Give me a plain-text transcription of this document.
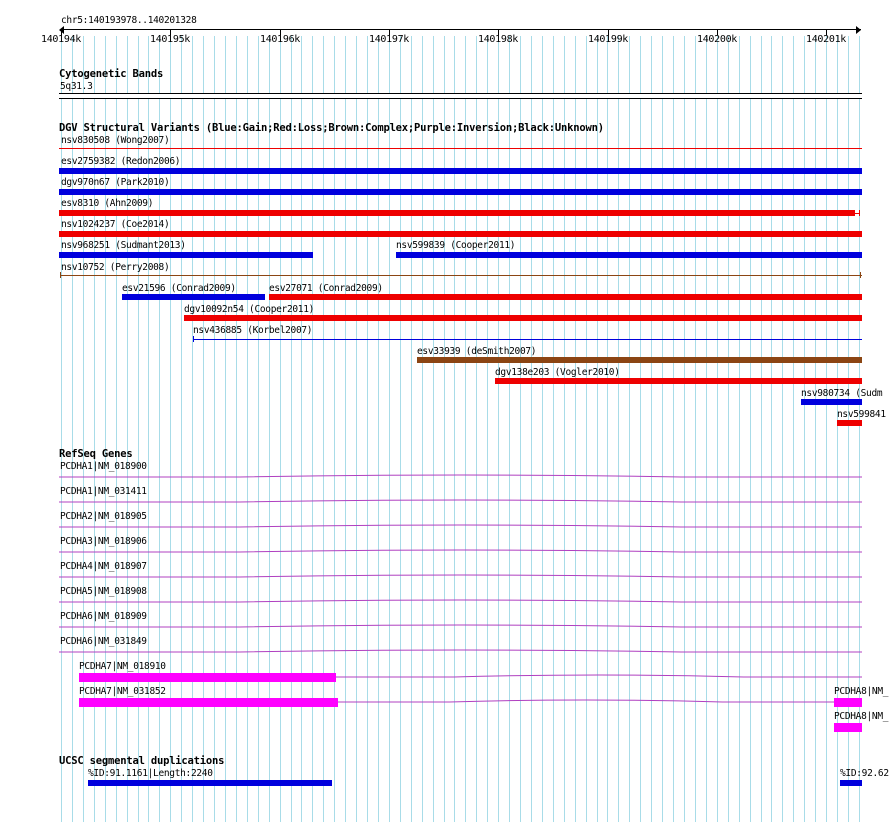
chr5:140193978..140201328
140194k	140195k	140196k	140197k	140198k	140199k	140200k	140201k
Cytogenetic Bands
5q31.3
DGV Structural Variants (Blue:Gain;Red:Loss;Brown:Complex;Purple:Inversion;Black:Unknown)
nsv830508 (Wong2007)
esv2759382 (Redon2006)
dgv970n67 (Park2010)
esv8310 (Ahn2009)
nsv1024237 (Coe2014)
nsv968251 (Sudmant2013)	nsv599839 (Cooper2011)
nsv10752 (Perry2008)
esv21596 (Conrad2009)	esv27071 (Conrad2009)
dgv10092n54 (Cooper2011)
nsv436885 (Korbel2007)
esv33939 (deSmith2007)
dgv138e203 (Vogler2010)
nsv980734 (Sudm
nsv599841
RefSeq Genes
PCDHA1|NM_018900
PCDHA1|NM_031411
PCDHA2|NM_018905
PCDHA3|NM_018906
PCDHA4|NM_018907
PCDHA5|NM_018908
PCDHA6|NM_018909
PCDHA6|NM_031849
PCDHA7|NM_018910
PCDHA7|NM_031852	PCDHA8|NM_
PCDHA8|NM_
UCSC segmental duplications
%ID:91.1161|Length:2240	%ID:92.62
